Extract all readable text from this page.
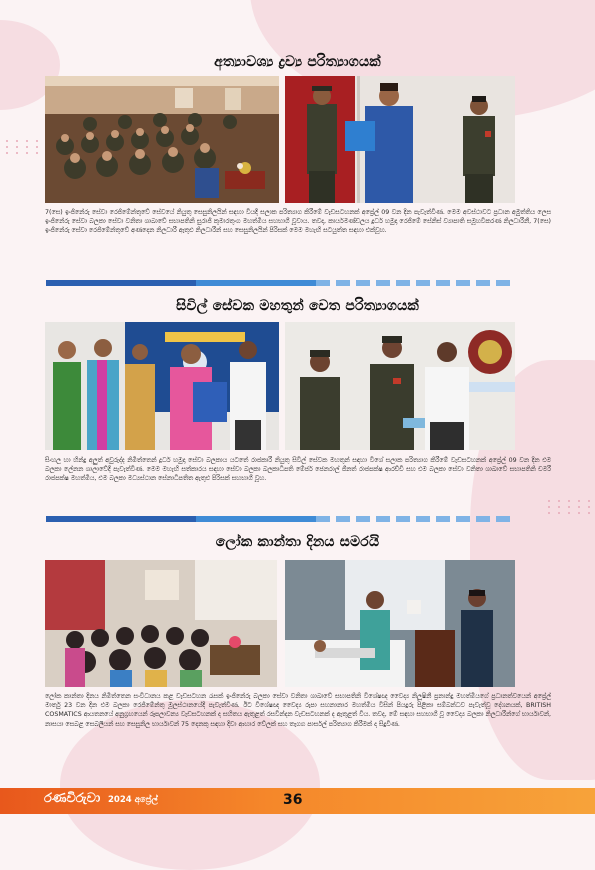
අත්‍යාවශ්‍ය ද්‍රව්‍ය පරිත්‍යාගයක්
7(සෙ) ඉංජිනේරු සේවා රෙජිමේන්තුවේ සේවයේ නියුතු සෙසුනිලයින් සඳහා වියදී සලාක පරිත්‍යාග කිරීමේ වැඩසටහනක් අප්‍රේල් 09 වන දින පැවැත්විණ. මෙම අවස්ථාවට ප්‍රධාන අමුත්තිය ලෙස ඉංජිනේරු සේවා බලකා සේවා වනිතා ශාඛාවේ සභාපතිනි සුරාජි කුමාරතුංග මහත්මිය සහභාගී වූවාය. තවද, කාර්යමණ්ඩලය දූර්ධ හමුදා රෙජිමේ සේනිස් ව්‍යාපාති සමූහවිකරණ නිලධාරීනී, 7(සෙ) ඉංජිනේරු සේවා රෙජිමේන්තුවේ අණදෙන නිලධාරී ඇතුළු නිලධාරීන් සහ සෙසුනිලයින් පිරිසක් මෙම මහැඟි සටයුත්ත සඳහා එක්වූහ.
සිවිල් සේවක මහතුන් වෙත පරිත්‍යාගයක්
සිංහල හා හින්දු අලුත් අවුරුද්ද නිමිත්තෙන් දූර්ධ හමුදා සේවා බලකාය යටතේ රාජකාරී නියුතු සිවිල් සේවක මහතුන් සඳහා විශේ සලාක පරිත්‍යාග කිරීමේ වැඩසටහනක් අප්‍රේල් 09 වන දින එම බලකා ලේනන ශාලාවේදී පැවැත්විණ. මෙම මහැඟි සත්කාරය සඳහා සේවා බලකා බලකාධිපති මේජර් ජෙනරාල් ජීනත් රාජපක්ෂ ආරච්චි සහ එම බලකා සේවා වනිතා ශාඛාවේ සභාපතිනි චමරී රාජපක්ෂ මහත්මිය, එම බලකා මධ්‍යස්ථාන සේනාධිපතිත ඇතුළු පිරිසක් සහභාගී වූහ.
ලෝක කාන්තා දිනය සමරයි
ලෝක කාන්තා දිනය නිමිත්තෙන සංවිධානය කළ වැඩසටහන රැසක් ඉංජිනේරු බලකා සේවා වනිතා ශාඛාවේ සභාපතිනි විශේෂඥ වෛද්‍ය නිලූෂිනී ප්‍රනාන්දු මහත්මියගේ ප්‍රධානත්වයෙන් අප්‍රේල් මාර්තු 23 වන දින එම බලකා රෙජිමේන්තු මූලස්ථානයේදී පැවැත්විණ. ඊට විශේෂඥ වෛද්‍ය රුපා සහනානාර මහත්මිය විසින් පියදුරු පිළිකා සම්බන්ධව පැවැත්වූ දේශනයක්, BRITISH COSMATICS ආයතනයේ අනුග්‍රහයෙන් රූපලාවන්‍ය වැඩසටහනක් ද සහිතය ඇතුළත් රසවින්දන වැඩසටහනක් ද ඇතුළත් විය. තවද, මේ සඳහා සහභාගී වූ වෛද්‍ය බලකා නිලධාරීන්ගේ භාර්යාවන්, නාසයා සෙබළ සෙබලියන් සහ සෙසුනිල භාර්යාවන් 75 දෙනකු සඳහා දිවා ආහාර වේලක් සහ තැගග පාර්සල් පරිත්‍යාග කිරීමක් ද සිදුවිණ.
රණවිරුවා 2024 අප්‍රේල්	36
